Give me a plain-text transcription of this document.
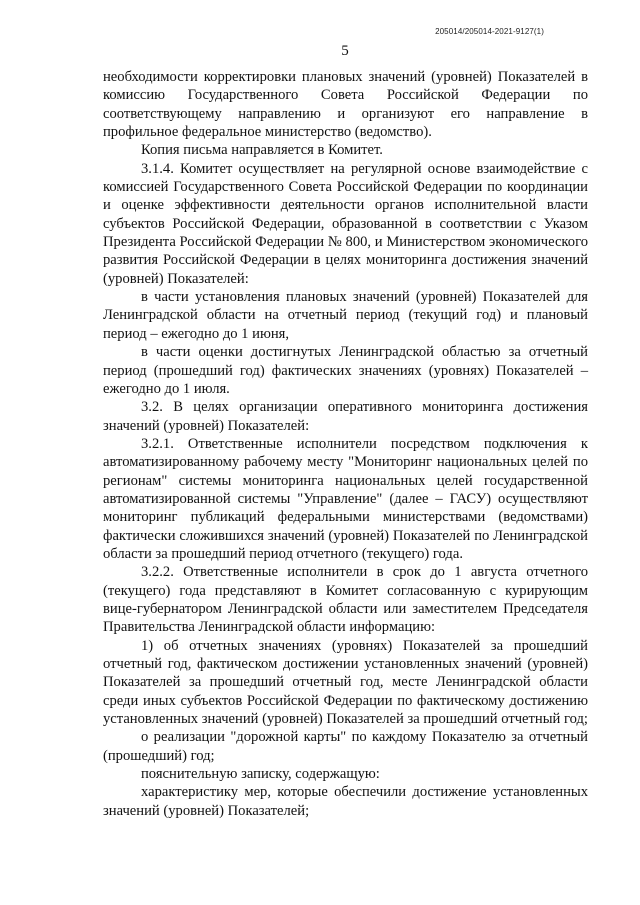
205014/205014-2021-9127(1)
5

необходимости корректировки плановых значений (уровней) Показателей в комиссию Государственного Совета Российской Федерации по соответствующему направлению и организуют его направление в профильное федеральное министерство (ведомство).

Копия письма направляется в Комитет.

3.1.4. Комитет осуществляет на регулярной основе взаимодействие с комиссией Государственного Совета Российской Федерации по координации и оценке эффективности деятельности органов исполнительной власти субъектов Российской Федерации, образованной в соответствии с Указом Президента Российской Федерации № 800, и Министерством экономического развития Российской Федерации в целях мониторинга достижения значений (уровней) Показателей:

в части установления плановых значений (уровней) Показателей для Ленинградской области на отчетный период (текущий год) и плановый период – ежегодно до 1 июня,

в части оценки достигнутых Ленинградской областью за отчетный период (прошедший год) фактических значениях (уровнях) Показателей – ежегодно до 1 июля.

3.2. В целях организации оперативного мониторинга достижения значений (уровней) Показателей:

3.2.1. Ответственные исполнители посредством подключения к автоматизированному рабочему месту "Мониторинг национальных целей по регионам" системы мониторинга национальных целей государственной автоматизированной системы "Управление" (далее – ГАСУ) осуществляют мониторинг публикаций федеральными министерствами (ведомствами) фактически сложившихся значений (уровней) Показателей по Ленинградской области за прошедший период отчетного (текущего) года.

3.2.2. Ответственные исполнители в срок до 1 августа отчетного (текущего) года представляют в Комитет согласованную с курирующим вице-губернатором Ленинградской области или заместителем Председателя Правительства Ленинградской области информацию:

1) об отчетных значениях (уровнях) Показателей за прошедший отчетный год, фактическом достижении установленных значений (уровней) Показателей за прошедший отчетный год, месте Ленинградской области среди иных субъектов Российской Федерации по фактическому достижению установленных значений (уровней) Показателей за прошедший отчетный год;

о реализации "дорожной карты" по каждому Показателю за отчетный (прошедший) год;

пояснительную записку, содержащую:

характеристику мер, которые обеспечили достижение установленных значений (уровней) Показателей;
